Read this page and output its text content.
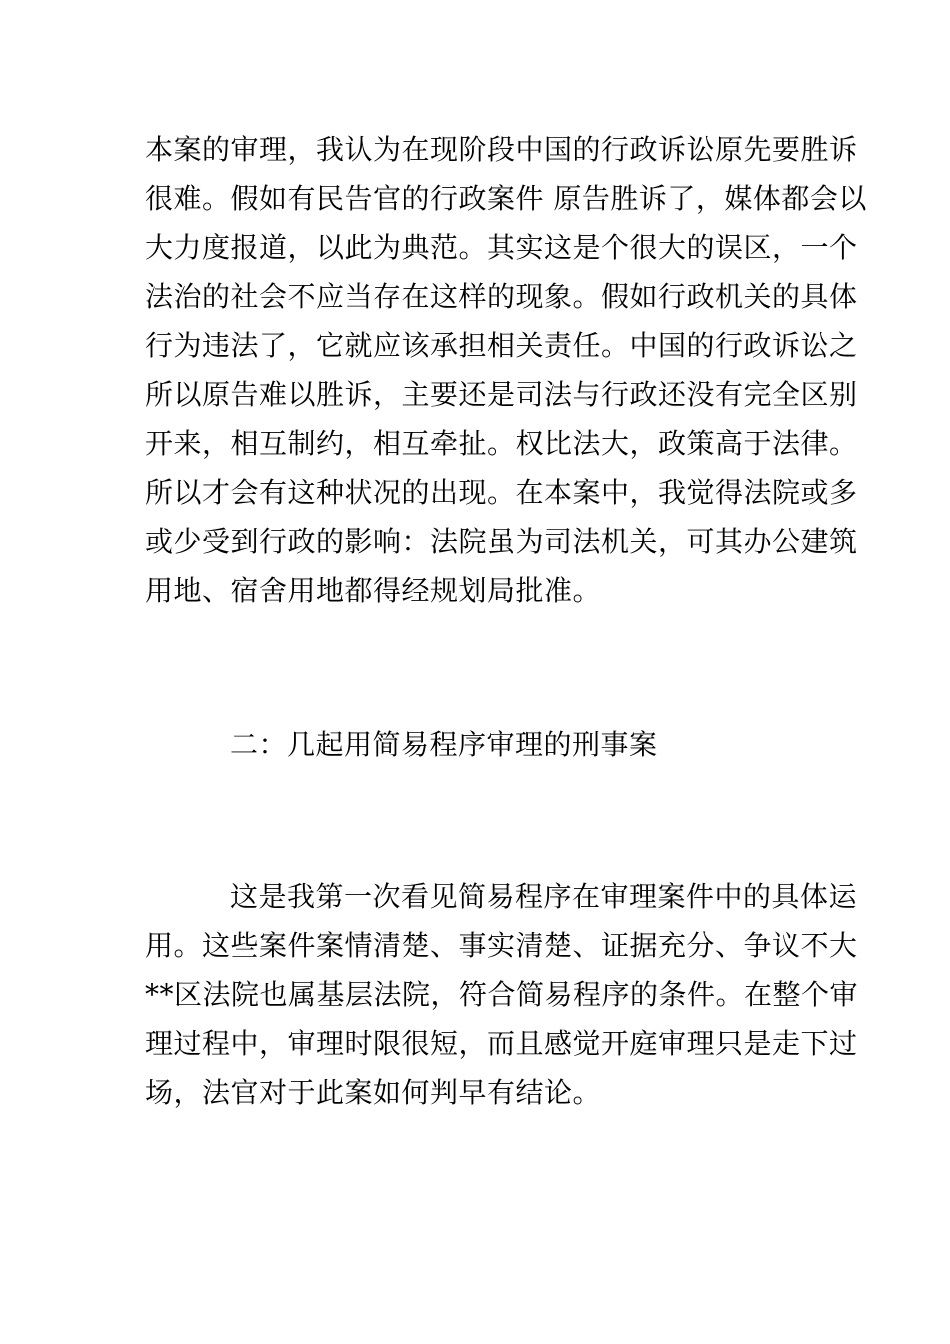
本案的审理，我认为在现阶段中国的行政诉讼原先要胜诉
很难。假如有民告官的行政案件 原告胜诉了，媒体都会以
大力度报道，以此为典范。其实这是个很大的误区，一个
法治的社会不应当存在这样的现象。假如行政机关的具体
行为违法了，它就应该承担相关责任。中国的行政诉讼之
所以原告难以胜诉，主要还是司法与行政还没有完全区别
开来，相互制约，相互牵扯。权比法大，政策高于法律。
所以才会有这种状况的出现。在本案中，我觉得法院或多
或少受到行政的影响：法院虽为司法机关，可其办公建筑
用地、宿舍用地都得经规划局批准。
二：几起用简易程序审理的刑事案
这是我第一次看见简易程序在审理案件中的具体运
用。这些案件案情清楚、事实清楚、证据充分、争议不大
**区法院也属基层法院，符合简易程序的条件。在整个审
理过程中，审理时限很短，而且感觉开庭审理只是走下过
场，法官对于此案如何判早有结论。
